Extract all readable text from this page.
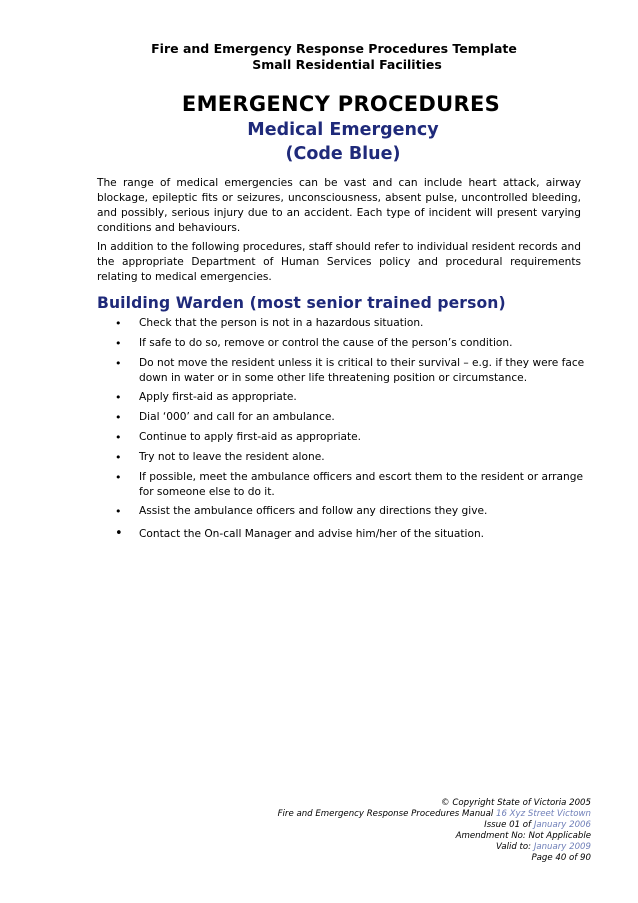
Fire and Emergency Response Procedures Template
Small Residential Facilities
EMERGENCY PROCEDURES
Medical Emergency
(Code Blue)

The range of medical emergencies can be vast and can include heart attack, airway blockage, epileptic fits or seizures, unconsciousness, absent pulse, uncontrolled bleeding, and possibly, serious injury due to an accident. Each type of incident will present varying conditions and behaviours.

In addition to the following procedures, staff should refer to individual resident records and the appropriate Department of Human Services policy and procedural requirements relating to medical emergencies.

Building Warden (most senior trained person)
• Check that the person is not in a hazardous situation.
• If safe to do so, remove or control the cause of the person’s condition.
• Do not move the resident unless it is critical to their survival – e.g. if they were face down in water or in some other life threatening position or circumstance.
• Apply first-aid as appropriate.
• Dial ‘000’ and call for an ambulance.
• Continue to apply first-aid as appropriate.
• Try not to leave the resident alone.
• If possible, meet the ambulance officers and escort them to the resident or arrange for someone else to do it.
• Assist the ambulance officers and follow any directions they give.
• Contact the On-call Manager and advise him/her of the situation.
© Copyright State of Victoria 2005
Fire and Emergency Response Procedures Manual 16 Xyz Street Victown
Issue 01 of January 2006
Amendment No: Not Applicable
Valid to: January 2009
Page 40 of 90
